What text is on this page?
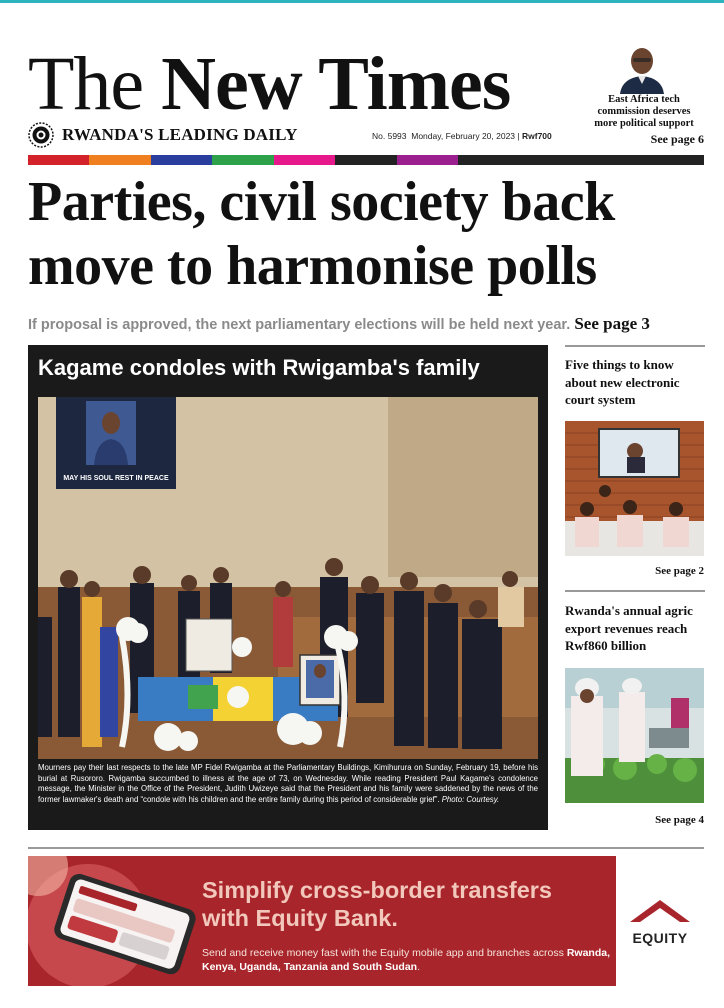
The New Times
RWANDA'S LEADING DAILY	No. 5993 Monday, February 20, 2023 | Rwf700
East Africa tech commission deserves more political support
See page 6
Parties, civil society back move to harmonise polls
If proposal is approved, the next parliamentary elections will be held next year. See page 3
Kagame condoles with Rwigamba's family
MAY HIS SOUL REST IN PEACE
Mourners pay their last respects to the late MP Fidel Rwigamba at the Parliamentary Buildings, Kimihurura on Sunday, February 19, before his burial at Rusororo. Rwigamba succumbed to illness at the age of 73, on Wednesday. While reading President Paul Kagame's condolence message, the Minister in the Office of the President, Judith Uwizeye said that the President and his family were saddened by the news of the former lawmaker's death and “condole with his children and the entire family during this period of considerable grief”. Photo: Courtesy.
Five things to know about new electronic court system
See page 2
Rwanda's annual agric export revenues reach Rwf860 billion
See page 4
Simplify cross-border transfers
with Equity Bank.
Send and receive money fast with the Equity mobile app and branches across Rwanda, Kenya, Uganda, Tanzania and South Sudan.
EQUITY
